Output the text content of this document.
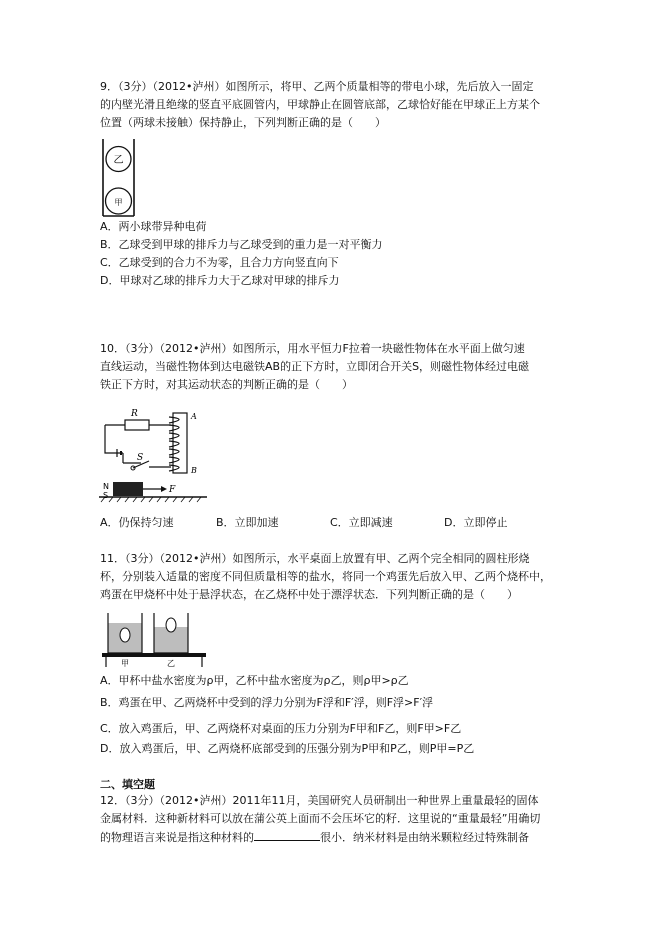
9．（3分）（2012•泸州）如图所示，将甲、乙两个质量相等的带电小球，先后放入一固定
的内壁光滑且绝缘的竖直平底圆管内，甲球静止在圆管底部，乙球恰好能在甲球正上方某个
位置（两球未接触）保持静止，下列判断正确的是（　　）
乙
甲
A．两小球带异种电荷
B．乙球受到甲球的排斥力与乙球受到的重力是一对平衡力
C．乙球受到的合力不为零，且合力方向竖直向下
D．甲球对乙球的排斥力大于乙球对甲球的排斥力
10．（3分）（2012•泸州）如图所示，用水平恒力F拉着一块磁性物体在水平面上做匀速
直线运动，当磁性物体到达电磁铁AB的正下方时，立即闭合开关S，则磁性物体经过电磁
铁正下方时，对其运动状态的判断正确的是（　　）
R
S
A
B
N
S
F
A．仍保持匀速	B．立即加速	C．立即减速	D．立即停止
11．（3分）（2012•泸州）如图所示，水平桌面上放置有甲、乙两个完全相同的圆柱形烧
杯，分别装入适量的密度不同但质量相等的盐水，将同一个鸡蛋先后放入甲、乙两个烧杯中，
鸡蛋在甲烧杯中处于悬浮状态，在乙烧杯中处于漂浮状态．下列判断正确的是（　　）
甲	乙
A．甲杯中盐水密度为ρ甲，乙杯中盐水密度为ρ乙，则ρ甲>ρ乙
B．鸡蛋在甲、乙两烧杯中受到的浮力分别为F浮和F′浮，则F浮>F′浮
C．放入鸡蛋后，甲、乙两烧杯对桌面的压力分别为F甲和F乙，则F甲>F乙
D．放入鸡蛋后，甲、乙两烧杯底部受到的压强分别为P甲和P乙，则P甲=P乙
二、填空题
12．（3分）（2012•泸州）2011年11月，美国研究人员研制出一种世界上重量最轻的固体
金属材料．这种新材料可以放在蒲公英上面而不会压坏它的籽．这里说的“重量最轻”用确切
的物理语言来说是指这种材料的	很小．纳米材料是由纳米颗粒经过特殊制备
